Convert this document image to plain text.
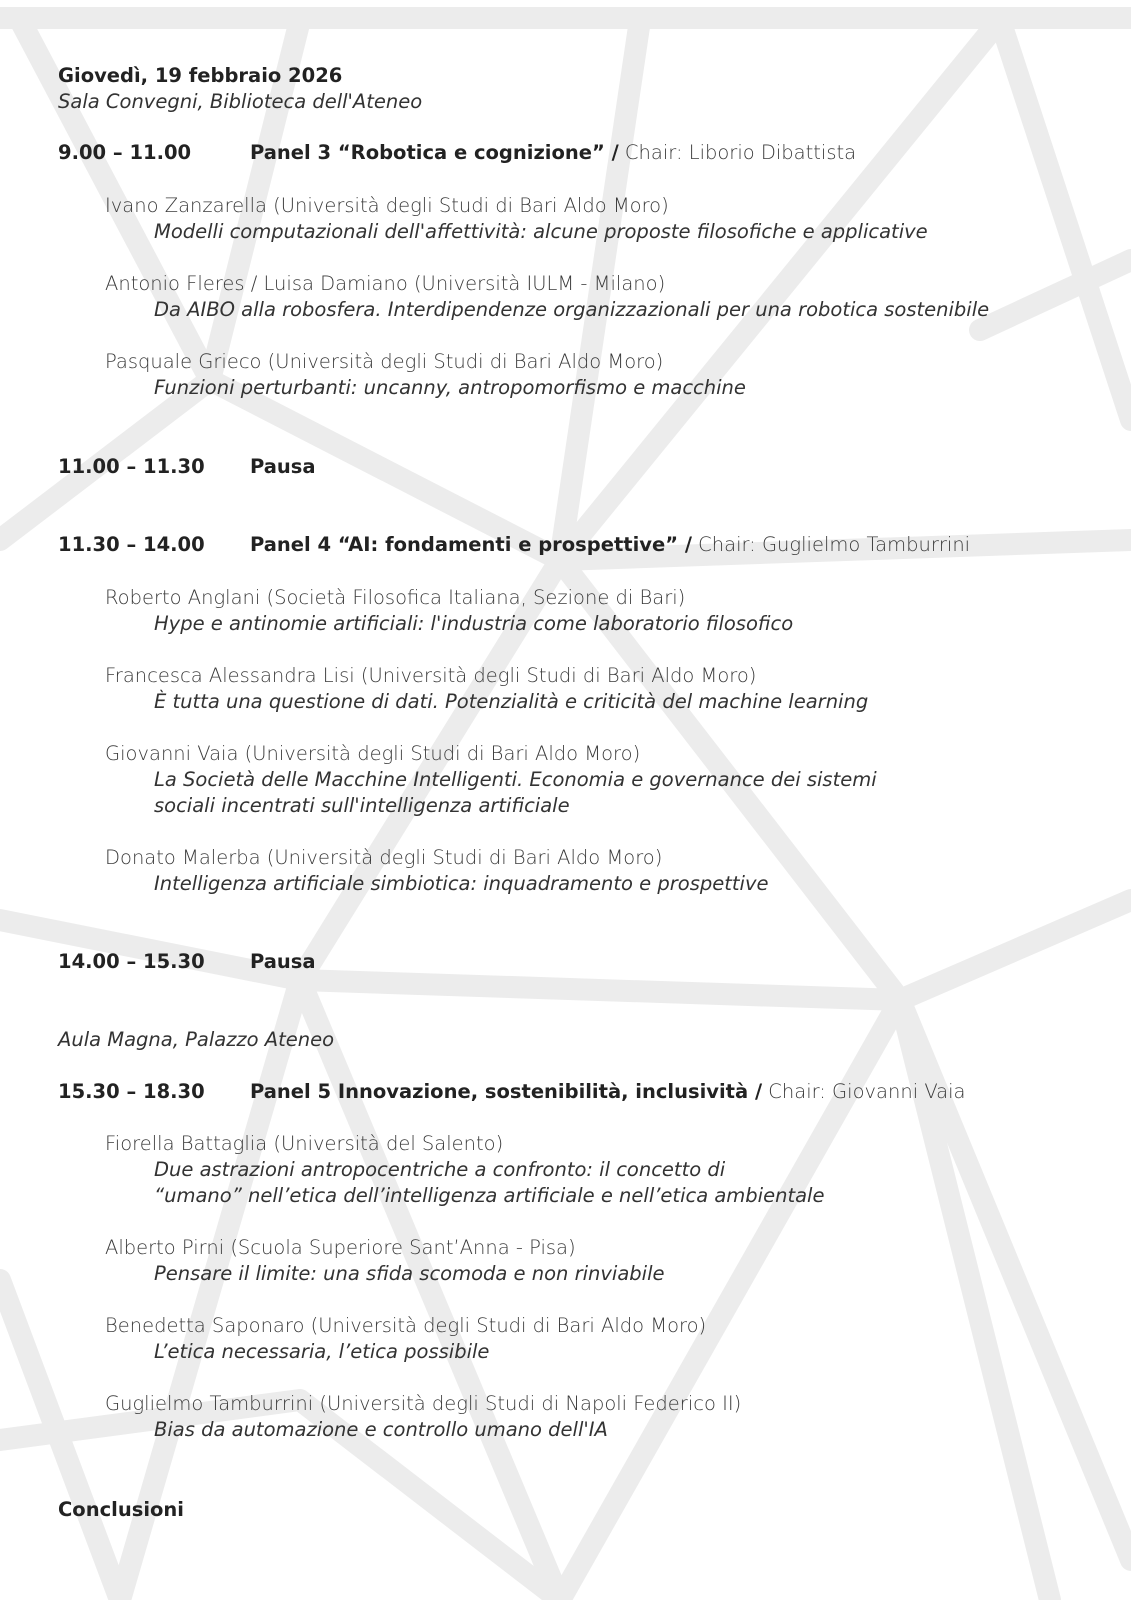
Giovedì, 19 febbraio 2026
Sala Convegni, Biblioteca dell'Ateneo
9.00 – 11.00	Panel 3 “Robotica e cognizione” / Chair: Liborio Dibattista
Ivano Zanzarella (Università degli Studi di Bari Aldo Moro)
Modelli computazionali dell'affettività: alcune proposte filosofiche e applicative
Antonio Fleres / Luisa Damiano (Università IULM - Milano)
Da AIBO alla robosfera. Interdipendenze organizzazionali per una robotica sostenibile
Pasquale Grieco (Università degli Studi di Bari Aldo Moro)
Funzioni perturbanti: uncanny, antropomorfismo e macchine
11.00 – 11.30 Pausa
11.30 – 14.00 Panel 4 “AI: fondamenti e prospettive” / Chair: Guglielmo Tamburrini
Roberto Anglani (Società Filosofica Italiana, Sezione di Bari)
Hype e antinomie artificiali: l'industria come laboratorio filosofico
Francesca Alessandra Lisi (Università degli Studi di Bari Aldo Moro)
È tutta una questione di dati. Potenzialità e criticità del machine learning
Giovanni Vaia (Università degli Studi di Bari Aldo Moro)
La Società delle Macchine Intelligenti. Economia e governance dei sistemi
sociali incentrati sull'intelligenza artificiale
Donato Malerba (Università degli Studi di Bari Aldo Moro)
Intelligenza artificiale simbiotica: inquadramento e prospettive
14.00 – 15.30 Pausa
Aula Magna, Palazzo Ateneo
15.30 – 18.30 Panel 5 Innovazione, sostenibilità, inclusività / Chair: Giovanni Vaia
Fiorella Battaglia (Università del Salento)
Due astrazioni antropocentriche a confronto: il concetto di
“umano” nell’etica dell’intelligenza artificiale e nell’etica ambientale
Alberto Pirni (Scuola Superiore Sant’Anna - Pisa)
Pensare il limite: una sfida scomoda e non rinviabile
Benedetta Saponaro (Università degli Studi di Bari Aldo Moro)
L’etica necessaria, l’etica possibile
Guglielmo Tamburrini (Università degli Studi di Napoli Federico II)
Bias da automazione e controllo umano dell'IA
Conclusioni
